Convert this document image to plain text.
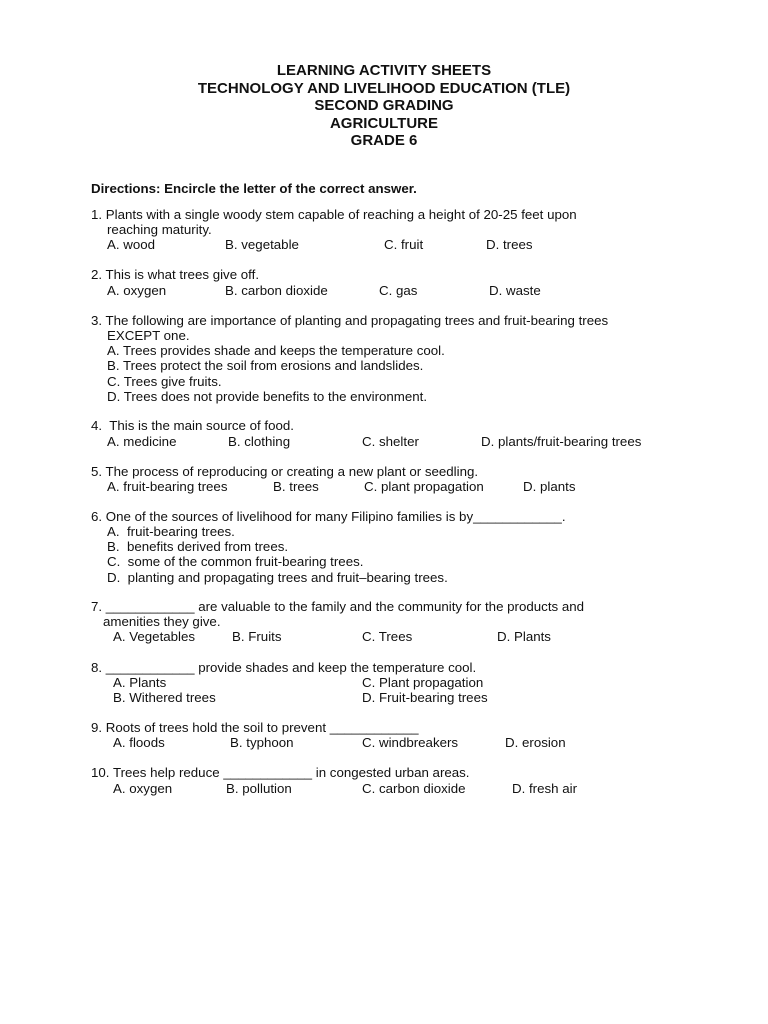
LEARNING ACTIVITY SHEETS
TECHNOLOGY AND LIVELIHOOD EDUCATION (TLE)
SECOND GRADING
AGRICULTURE
GRADE 6
Directions: Encircle the letter of the correct answer.
1. Plants with a single woody stem capable of reaching a height of 20-25 feet upon
reaching maturity.
A. wood	B. vegetable	C. fruit	D. trees
2. This is what trees give off.
A. oxygen	B. carbon dioxide	C. gas	D. waste
3. The following are importance of planting and propagating trees and fruit-bearing trees
EXCEPT one.
A. Trees provides shade and keeps the temperature cool.
B. Trees protect the soil from erosions and landslides.
C. Trees give fruits.
D. Trees does not provide benefits to the environment.
4.  This is the main source of food.
A. medicine	B. clothing	C. shelter	D. plants/fruit-bearing trees
5. The process of reproducing or creating a new plant or seedling.
A. fruit-bearing trees	B. trees	C. plant propagation	D. plants
6. One of the sources of livelihood for many Filipino families is by____________.
A.  fruit-bearing trees.
B.  benefits derived from trees.
C.  some of the common fruit-bearing trees.
D.  planting and propagating trees and fruit–bearing trees.
7. ____________ are valuable to the family and the community for the products and
amenities they give.
A. Vegetables	B. Fruits	C. Trees	D. Plants
8. ____________ provide shades and keep the temperature cool.
A. Plants	C. Plant propagation
B. Withered trees	D. Fruit-bearing trees
9. Roots of trees hold the soil to prevent ____________
A. floods	B. typhoon	C. windbreakers	D. erosion
10. Trees help reduce ____________ in congested urban areas.
A. oxygen	B. pollution	C. carbon dioxide	D. fresh air
